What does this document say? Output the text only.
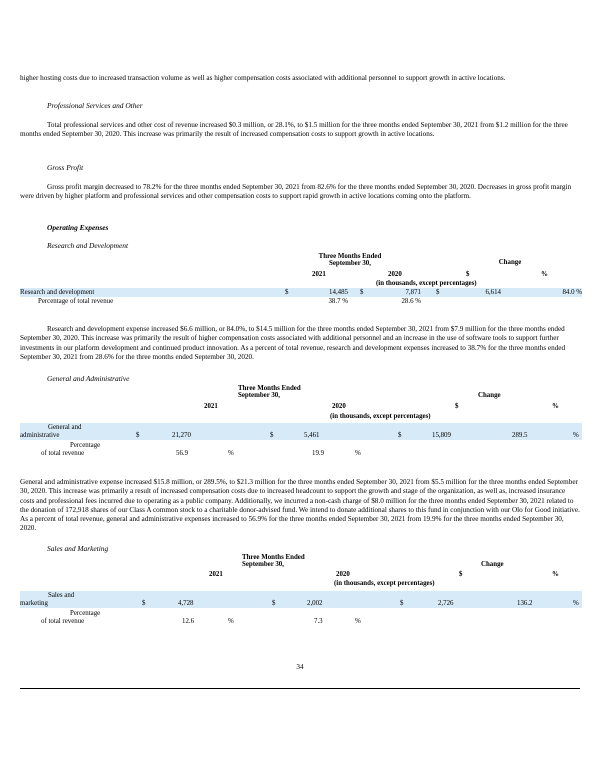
higher hosting costs due to increased transaction volume as well as higher compensation costs associated with additional personnel to support growth in active locations.

Professional Services and Other

Total professional services and other cost of revenue increased $0.3 million, or 28.1%, to $1.5 million for the three months ended September 30, 2021 from $1.2 million for the three months ended September 30, 2020. This increase was primarily the result of increased compensation costs to support growth in active locations.

Gross Profit

Gross profit margin decreased to 78.2% for the three months ended September 30, 2021 from 82.6% for the three months ended September 30, 2020. Decreases in gross profit margin were driven by higher platform and professional services and other compensation costs to support rapid growth in active locations coming onto the platform.

Operating Expenses

Research and Development

Three Months Ended
September 30,	Change
2021	2020	$	%
(in thousands, except percentages)
Research and development	$	14,485 $	7,871 $	6,614	84.0 %
Percentage of total revenue	38.7 %	28.6 %

Research and development expense increased $6.6 million, or 84.0%, to $14.5 million for the three months ended September 30, 2021 from $7.9 million for the three months ended September 30, 2020. This increase was primarily the result of higher compensation costs associated with additional personnel and an increase in the use of software tools to support further investments in our platform development and continued product innovation. As a percent of total revenue, research and development expenses increased to 38.7% for the three months ended September 30, 2021 from 28.6% for the three months ended September 30, 2020.

General and Administrative

Three Months Ended
September 30,	Change
2021	2020	$	%
(in thousands, except percentages)
General and
administrative	$	21,270	$	5,461	$	15,809	289.5	%
Percentage
of total revenue	56.9	%	19.9	%

General and administrative expense increased $15.8 million, or 289.5%, to $21.3 million for the three months ended September 30, 2021 from $5.5 million for the three months ended September 30, 2020. This increase was primarily a result of increased compensation costs due to increased headcount to support the growth and stage of the organization, as well as, increased insurance costs and professional fees incurred due to operating as a public company. Additionally, we incurred a non-cash charge of $8.0 million for the three months ended September 30, 2021 related to the donation of 172,918 shares of our Class A common stock to a charitable donor-advised fund. We intend to donate additional shares to this fund in conjunction with our Olo for Good initiative. As a percent of total revenue, general and administrative expenses increased to 56.9% for the three months ended September 30, 2021 from 19.9% for the three months ended September 30, 2020.

Sales and Marketing

Three Months Ended
September 30,	Change
2021	2020	$	%
(in thousands, except percentages)
Sales and
marketing	$	4,728	$	2,002	$	2,726	136.2	%
Percentage
of total revenue	12.6	%	7.3	%
34
